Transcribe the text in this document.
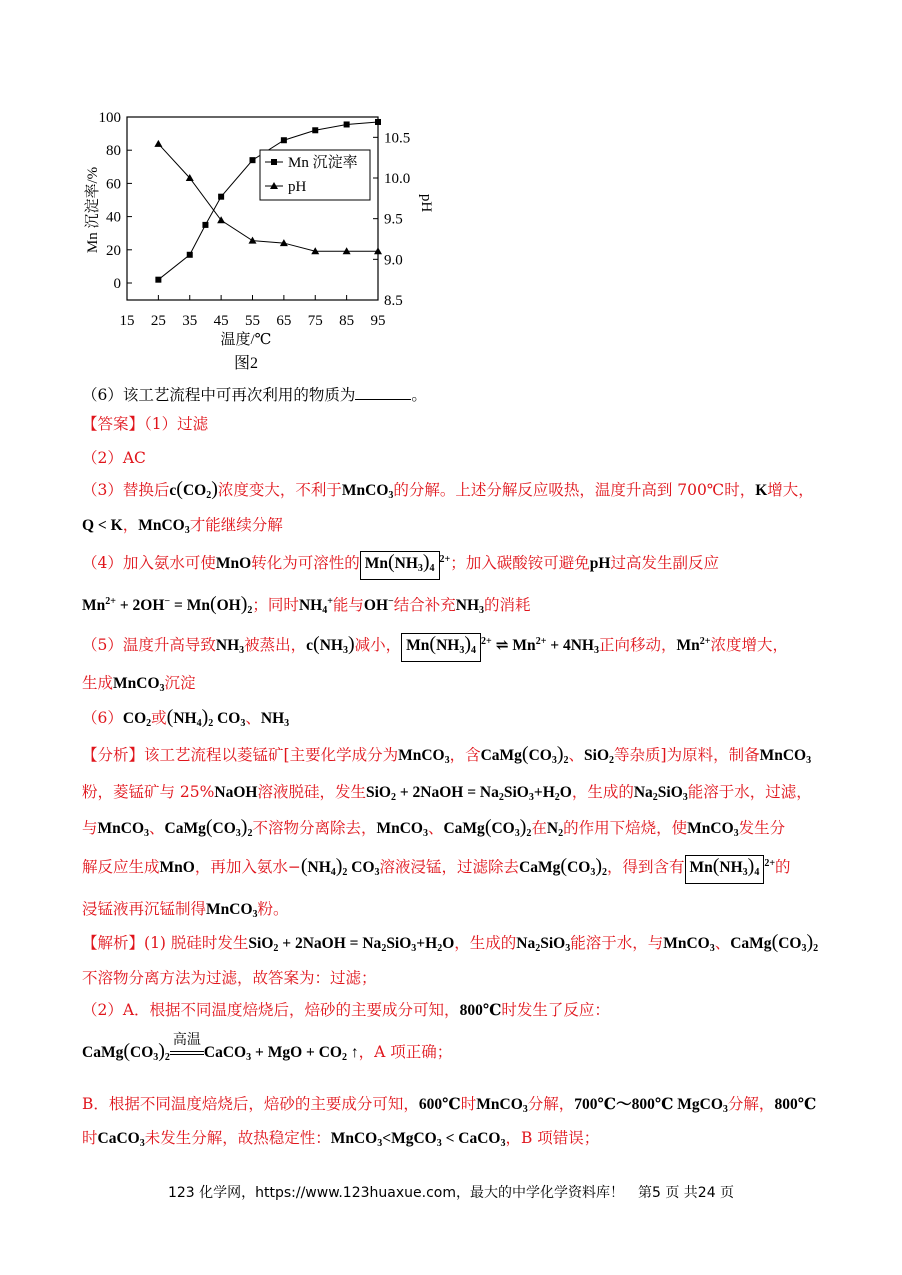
15 25 35 45 55 65 75 85 95
0
20
40
60
80
100
8.5
9.0
9.5
10.0
10.5
Mn 沉淀率
pH
Mn 沉淀率/%	pH
温度/℃
图2
（6）该工艺流程中可再次利用的物质为	。
【答案】（1）过滤
（2）AC
（3）替换后$c(CO_2)$浓度变大，不利于MnCO$_3$的分解。上述分解反应吸热，温度升高到 700℃时，K增大，
Q < K，MnCO$_3$才能继续分解
（4）加入氨水可使MnO转化为可溶性的 $Mn(NH_3)_4^{2+}$；加入碳酸铵可避免pH过高发生副反应
$Mn^{2+} + 2OH^- = Mn(OH)_2$；同时$NH_4^+$能与OH−结合补充$NH_3$的消耗
（5）温度升高导致$NH_3$被蒸出，$c(NH_3)$减小， $Mn(NH_3)_4^{2+}$ ⇌ $Mn^{2+} + 4NH_3$正向移动，$Mn^{2+}$浓度增大，
生成MnCO$_3$沉淀
$(6)CO_2$或$(NH_4)_2$ $CO_3$、$NH_3$
【分析】该工艺流程以菱锰矿[主要化学成分为MnCO$_3$，含$CaMg(CO_3)_2$、SiO$_2$等杂质]为原料，制备MnCO$_3$
粉，菱锰矿与 25%NaOH溶液脱硅，发生SiO$_2$ + 2NaOH = $Na_2SiO_3+H_2O$，生成的$Na_2SiO_3$能溶于水，过滤，
与MnCO$_3$、$CaMg(CO_3)_2$不溶物分离除去，MnCO$_3$、$CaMg(CO_3)_2$在$N_2$的作用下焙烧，使MnCO$_3$发生分
解反应生成MnO，再加入氨水$-(NH_4)_2$ $CO_3$溶液浸锰，过滤除去$CaMg(CO_3)_2$，得到含有 $Mn(NH_3)_4^{2+}$的
浸锰液再沉锰制得MnCO$_3$粉。
【解析】(1) 脱硅时发生SiO$_2$ + 2NaOH = $Na_2SiO_3+H_2O$，生成的$Na_2SiO_3$能溶于水，与MnCO$_3$、$CaMg(CO_3)_2$
不溶物分离方法为过滤，故答案为：过滤；
（2）A．根据不同温度焙烧后，焙砂的主要成分可知，800℃时发生了反应：
$CaMg(CO_3)_2$
高温
CaCO$_3$ + MgO + $CO_2$ ↑，A 项正确；
B．根据不同温度焙烧后，焙砂的主要成分可知，600℃时MnCO$_3$分解，700℃～800℃ MgCO$_3$分解，800℃
时CaCO$_3$未发生分解，故热稳定性：MnCO$_3$<MgCO$_3$ < CaCO$_3$，B 项错误；
123 化学网，https://www.123huaxue.com，最大的中学化学资料库！　第5 页 共24 页
